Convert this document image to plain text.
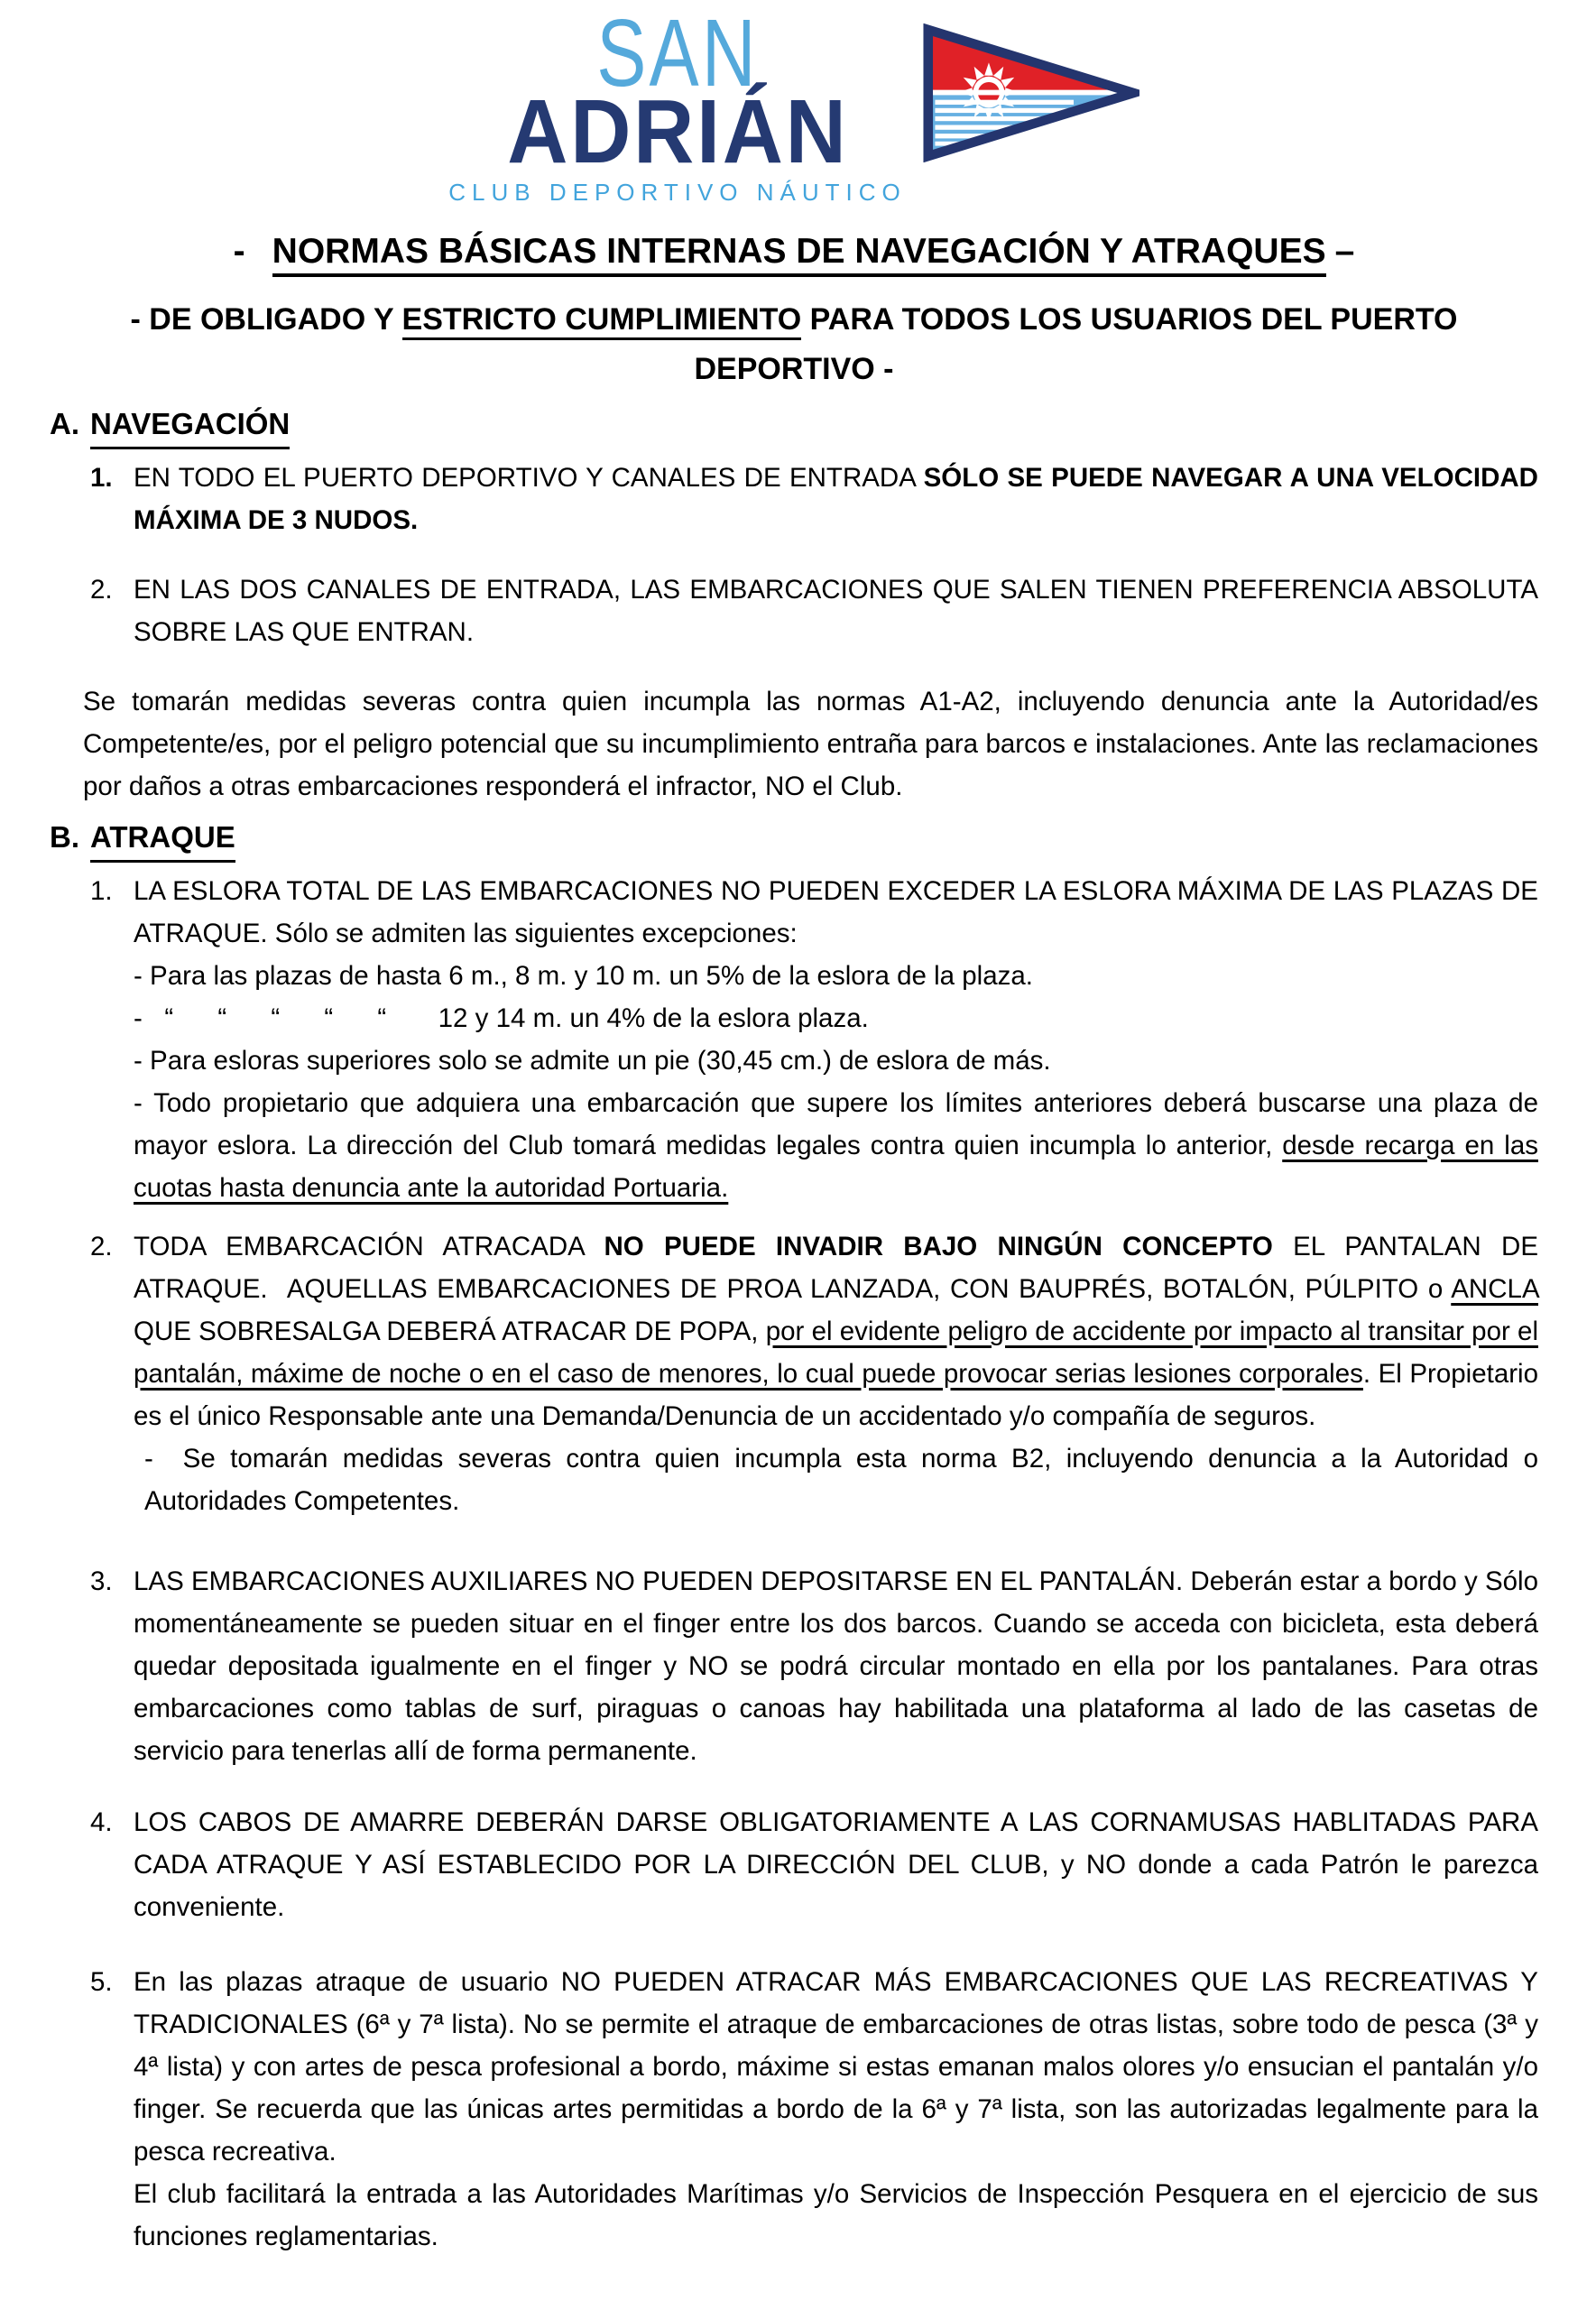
SAN
ADRIÁN
CLUB DEPORTIVO NÁUTICO
- NORMAS BÁSICAS INTERNAS DE NAVEGACIÓN Y ATRAQUES –
- DE OBLIGADO Y ESTRICTO CUMPLIMIENTO PARA TODOS LOS USUARIOS DEL PUERTO DEPORTIVO -
A. NAVEGACIÓN
1. EN TODO EL PUERTO DEPORTIVO Y CANALES DE ENTRADA SÓLO SE PUEDE NAVEGAR A UNA VELOCIDAD MÁXIMA DE 3 NUDOS.
2. EN LAS DOS CANALES DE ENTRADA, LAS EMBARCACIONES QUE SALEN TIENEN PREFERENCIA ABSOLUTA SOBRE LAS QUE ENTRAN.

Se tomarán medidas severas contra quien incumpla las normas A1-A2, incluyendo denuncia ante la Autoridad/es Competente/es, por el peligro potencial que su incumplimiento entraña para barcos e instalaciones. Ante las reclamaciones por daños a otras embarcaciones responderá el infractor, NO el Club.

B. ATRAQUE
1. LA ESLORA TOTAL DE LAS EMBARCACIONES NO PUEDEN EXCEDER LA ESLORA MÁXIMA DE LAS PLAZAS DE ATRAQUE. Sólo se admiten las siguientes excepciones:
- Para las plazas de hasta 6 m., 8 m. y 10 m. un 5% de la eslora de la plaza.
-   “      “      “      “      “       12 y 14 m. un 4% de la eslora plaza.
- Para esloras superiores solo se admite un pie (30,45 cm.) de eslora de más.
- Todo propietario que adquiera una embarcación que supere los límites anteriores deberá buscarse una plaza de mayor eslora. La dirección del Club tomará medidas legales contra quien incumpla lo anterior, desde recarga en las cuotas hasta denuncia ante la autoridad Portuaria.
2. TODA EMBARCACIÓN ATRACADA NO PUEDE INVADIR BAJO NINGÚN CONCEPTO EL PANTALAN DE ATRAQUE.  AQUELLAS EMBARCACIONES DE PROA LANZADA, CON BAUPRÉS, BOTALÓN, PÚLPITO o ANCLA QUE SOBRESALGA DEBERÁ ATRACAR DE POPA, por el evidente peligro de accidente por impacto al transitar por el pantalán, máxime de noche o en el caso de menores, lo cual puede provocar serias lesiones corporales. El Propietario es el único Responsable ante una Demanda/Denuncia de un accidentado y/o compañía de seguros.
-  Se tomarán medidas severas contra quien incumpla esta norma B2, incluyendo denuncia a la Autoridad o Autoridades Competentes.
3. LAS EMBARCACIONES AUXILIARES NO PUEDEN DEPOSITARSE EN EL PANTALÁN. Deberán estar a bordo y Sólo momentáneamente se pueden situar en el finger entre los dos barcos. Cuando se acceda con bicicleta, esta deberá quedar depositada igualmente en el finger y NO se podrá circular montado en ella por los pantalanes. Para otras embarcaciones como tablas de surf, piraguas o canoas hay habilitada una plataforma al lado de las casetas de servicio para tenerlas allí de forma permanente.
4. LOS CABOS DE AMARRE DEBERÁN DARSE OBLIGATORIAMENTE A LAS CORNAMUSAS HABLITADAS PARA CADA ATRAQUE Y ASÍ ESTABLECIDO POR LA DIRECCIÓN DEL CLUB, y NO donde a cada Patrón le parezca conveniente.
5. En las plazas atraque de usuario NO PUEDEN ATRACAR MÁS EMBARCACIONES QUE LAS RECREATIVAS Y TRADICIONALES (6ª y 7ª lista). No se permite el atraque de embarcaciones de otras listas, sobre todo de pesca (3ª y 4ª lista) y con artes de pesca profesional a bordo, máxime si estas emanan malos olores y/o ensucian el pantalán y/o finger. Se recuerda que las únicas artes permitidas a bordo de la 6ª y 7ª lista, son las autorizadas legalmente para la pesca recreativa.
El club facilitará la entrada a las Autoridades Marítimas y/o Servicios de Inspección Pesquera en el ejercicio de sus funciones reglamentarias.
